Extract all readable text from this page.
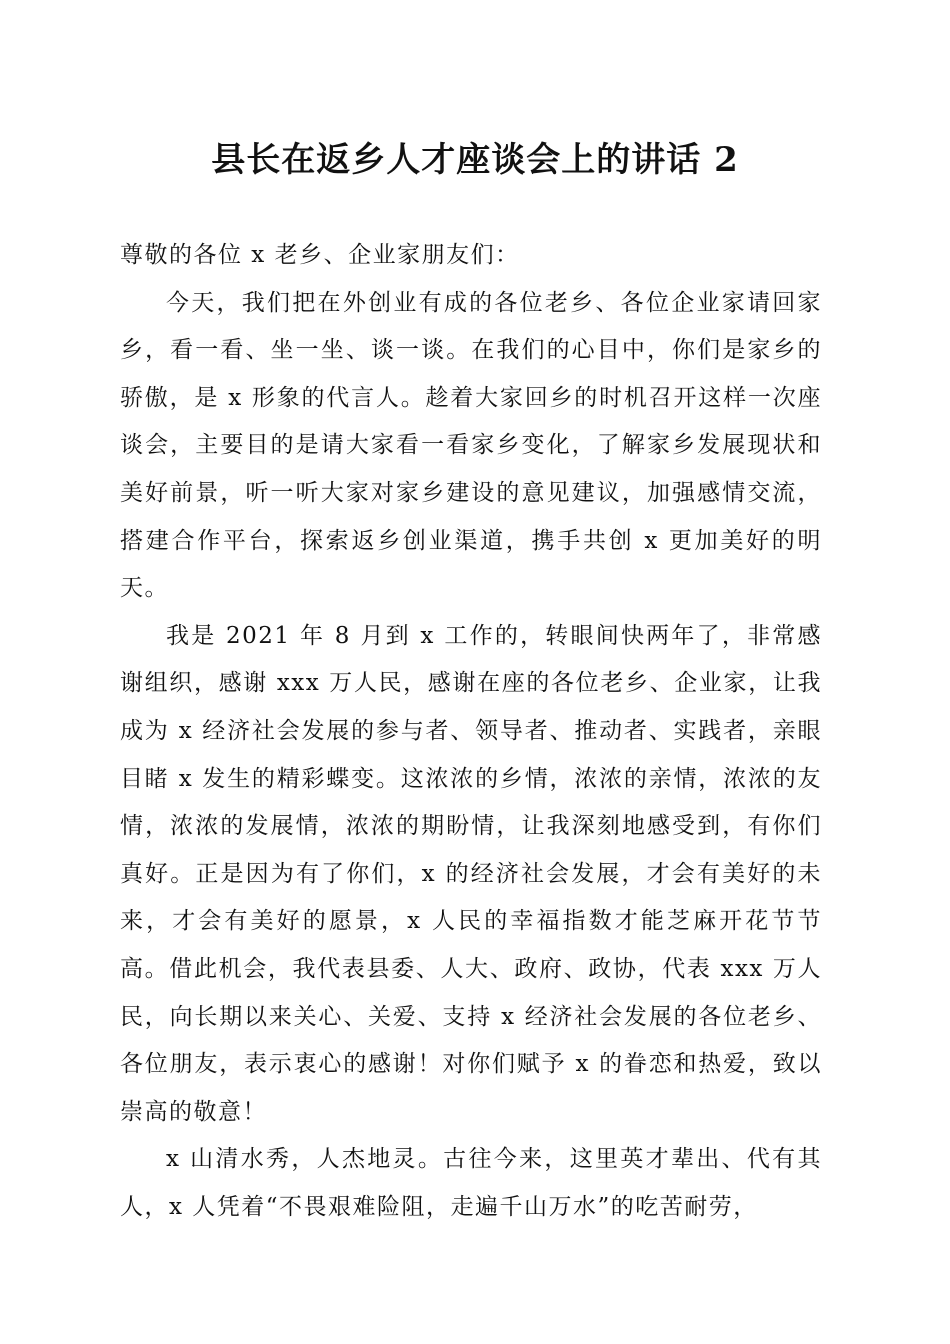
县长在返乡人才座谈会上的讲话 2

尊敬的各位 x 老乡、企业家朋友们：

今天，我们把在外创业有成的各位老乡、各位企业家请回家乡，看一看、坐一坐、谈一谈。在我们的心目中，你们是家乡的骄傲，是 x 形象的代言人。趁着大家回乡的时机召开这样一次座谈会，主要目的是请大家看一看家乡变化，了解家乡发展现状和美好前景，听一听大家对家乡建设的意见建议，加强感情交流，搭建合作平台，探索返乡创业渠道，携手共创 x 更加美好的明天。

我是 2021 年 8 月到 x 工作的，转眼间快两年了，非常感谢组织，感谢 xxx 万人民，感谢在座的各位老乡、企业家，让我成为 x 经济社会发展的参与者、领导者、推动者、实践者，亲眼目睹 x 发生的精彩蝶变。这浓浓的乡情，浓浓的亲情，浓浓的友情，浓浓的发展情，浓浓的期盼情，让我深刻地感受到，有你们真好。正是因为有了你们，x 的经济社会发展，才会有美好的未来，才会有美好的愿景，x 人民的幸福指数才能芝麻开花节节高。借此机会，我代表县委、人大、政府、政协，代表 xxx 万人民，向长期以来关心、关爱、支持 x 经济社会发展的各位老乡、各位朋友，表示衷心的感谢！对你们赋予 x 的眷恋和热爱，致以崇高的敬意！

x 山清水秀，人杰地灵。古往今来，这里英才辈出、代有其人，x 人凭着“不畏艰难险阻，走遍千山万水”的吃苦耐劳，
